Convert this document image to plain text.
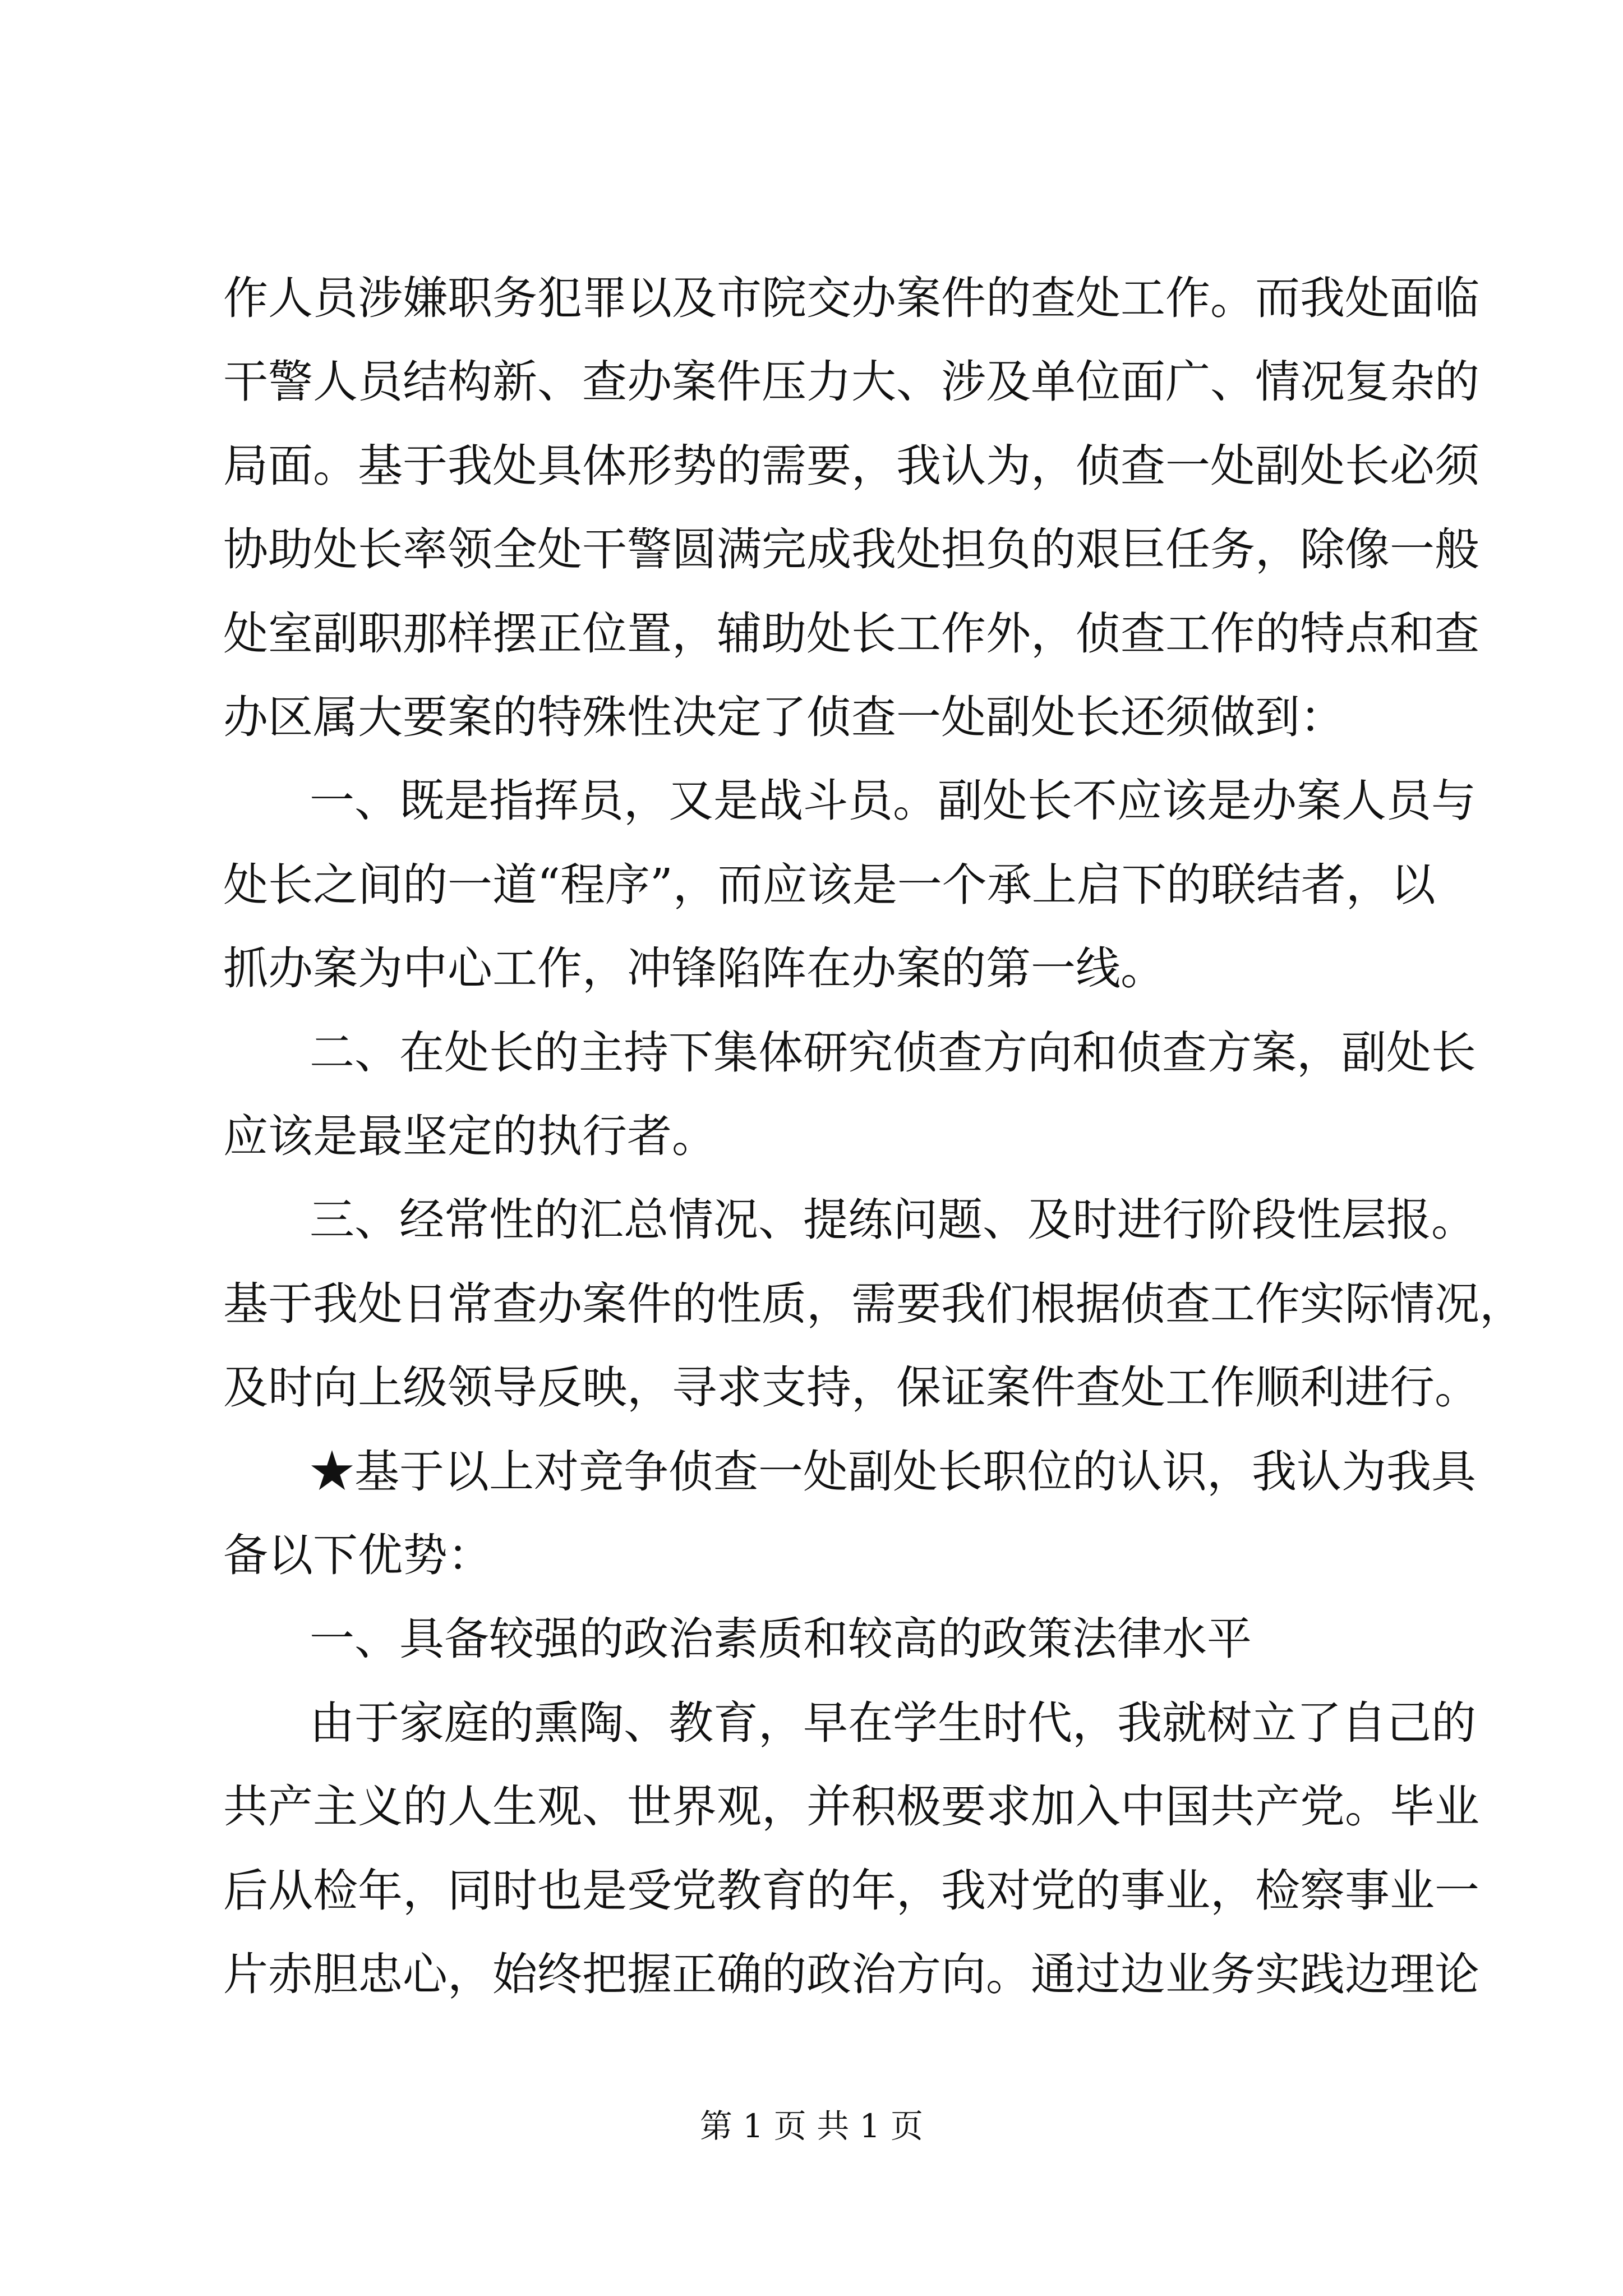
作人员涉嫌职务犯罪以及市院交办案件的查处工作。而我处面临
干警人员结构新、查办案件压力大、涉及单位面广、情况复杂的
局面。基于我处具体形势的需要，我认为，侦查一处副处长必须
协助处长率领全处干警圆满完成我处担负的艰巨任务，除像一般
处室副职那样摆正位置，辅助处长工作外，侦查工作的特点和查
办区属大要案的特殊性决定了侦查一处副处长还须做到：
一、既是指挥员，又是战斗员。副处长不应该是办案人员与
处长之间的一道“程序”，而应该是一个承上启下的联结者，以
抓办案为中心工作，冲锋陷阵在办案的第一线。
二、在处长的主持下集体研究侦查方向和侦查方案，副处长
应该是最坚定的执行者。
三、经常性的汇总情况、提练问题、及时进行阶段性层报。
基于我处日常查办案件的性质，需要我们根据侦查工作实际情况，
及时向上级领导反映，寻求支持，保证案件查处工作顺利进行。
★基于以上对竞争侦查一处副处长职位的认识，我认为我具
备以下优势：
一、具备较强的政治素质和较高的政策法律水平
由于家庭的熏陶、教育，早在学生时代，我就树立了自己的
共产主义的人生观、世界观，并积极要求加入中国共产党。毕业
后从检年，同时也是受党教育的年，我对党的事业，检察事业一
片赤胆忠心，始终把握正确的政治方向。通过边业务实践边理论
第 1 页 共 1 页
